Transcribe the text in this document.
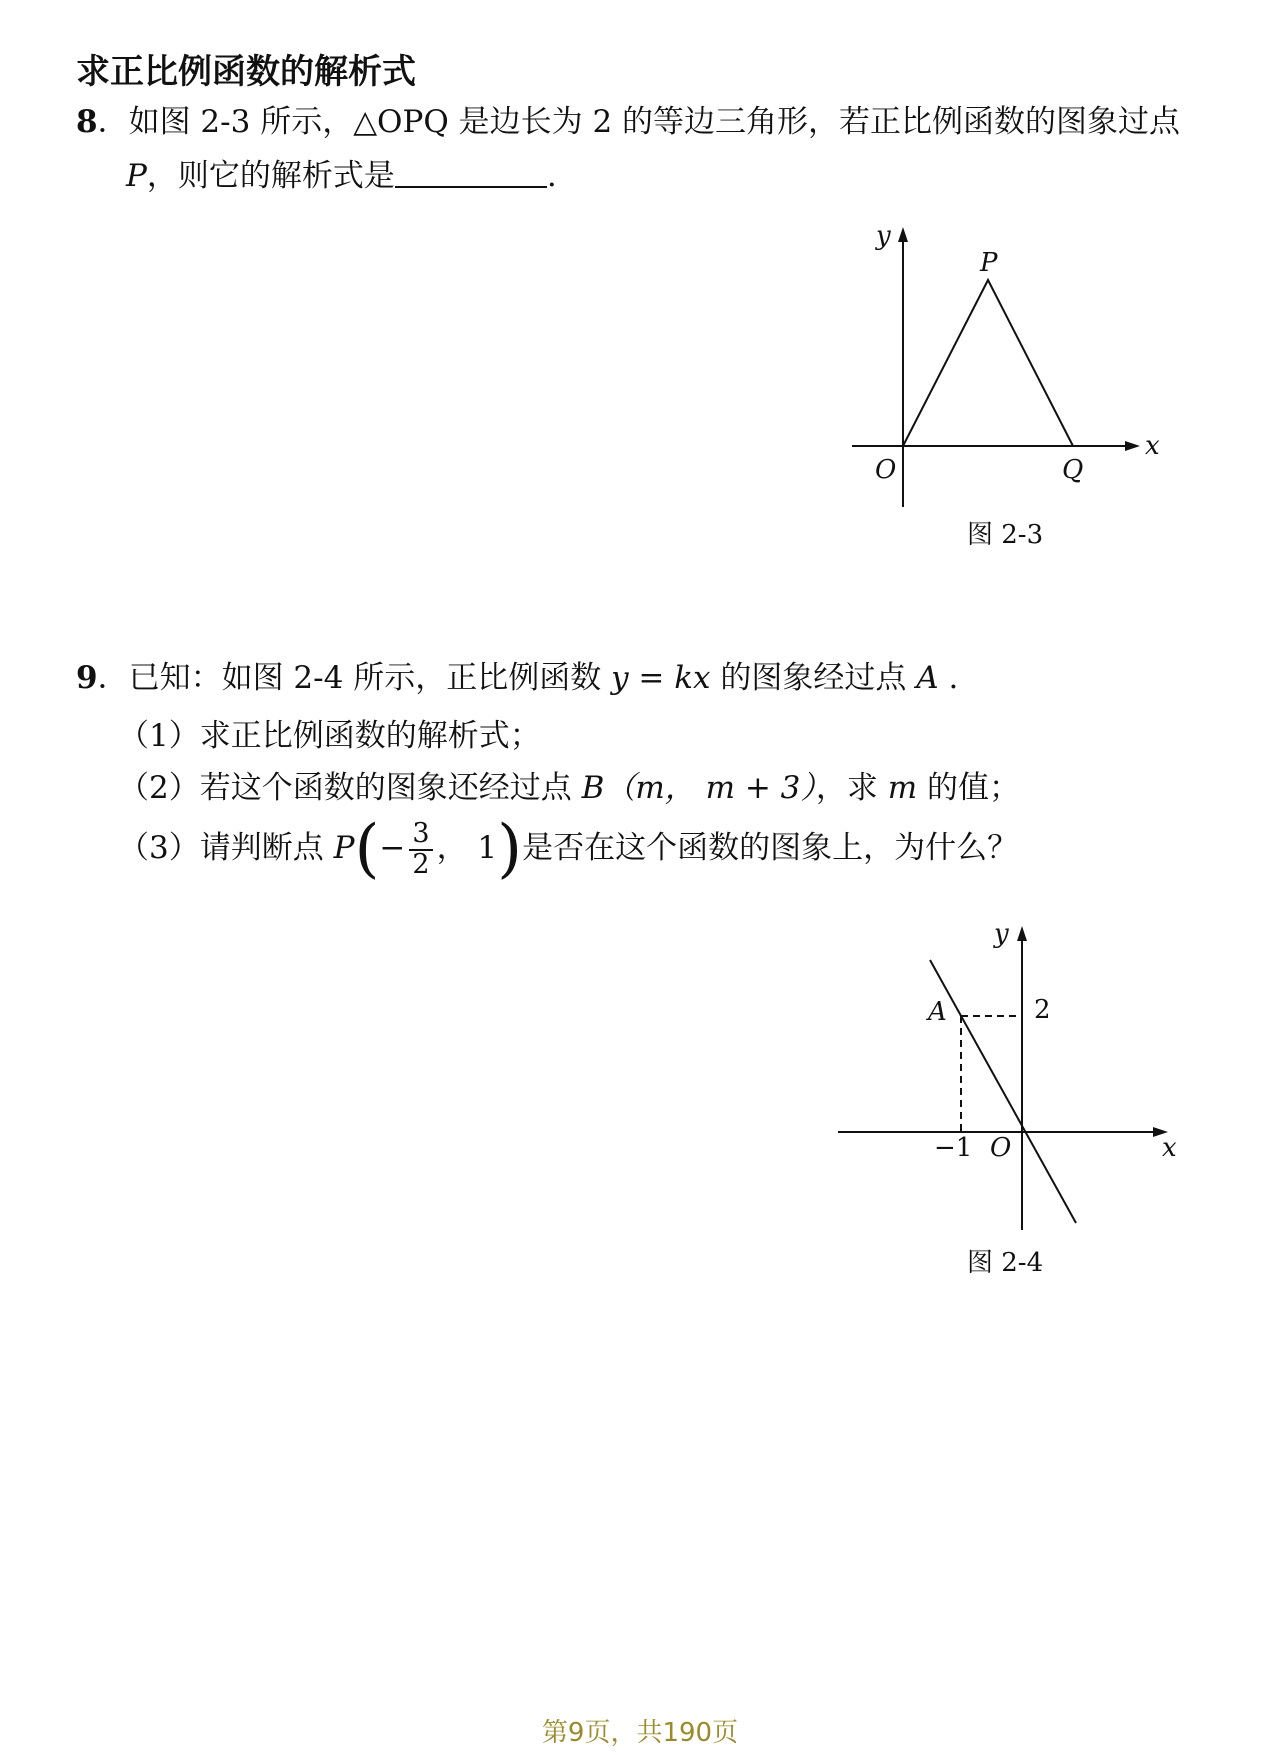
求正比例函数的解析式
8．如图 2-3 所示，△OPQ 是边长为 2 的等边三角形，若正比例函数的图象过点
P，则它的解析式是	.
y
x
O
P
Q
图 2-3
9．已知：如图 2-4 所示，正比例函数 y = kx 的图象经过点 A .
（1）求正比例函数的解析式；
（2）若这个函数的图象还经过点 B（m， m + 3），求 m 的值；
（3）请判断点 $P(- \frac{3}{2}$ ， 1)是否在这个函数的图象上，为什么？
y
x
O
A	2
−1
图 2-4
第9页，共190页
